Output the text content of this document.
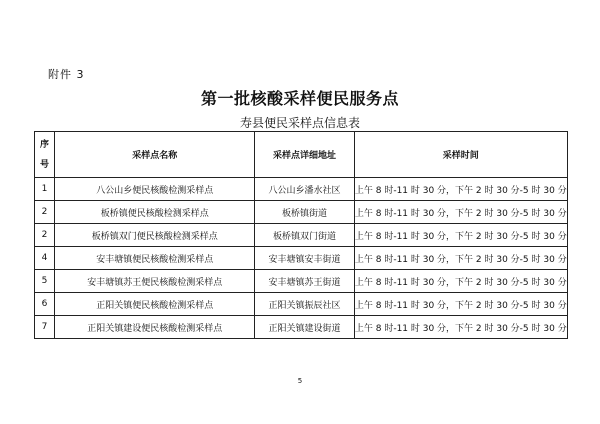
附件 3
第一批核酸采样便民服务点
寿县便民采样点信息表
序
号	采样点名称	采样点详细地址	采样时间
1	八公山乡便民核酸检测采样点	八公山乡潘水社区	上午 8 时-11 时 30 分，下午 2 时 30 分-5 时 30 分
2	板桥镇便民核酸检测采样点	板桥镇街道	上午 8 时-11 时 30 分，下午 2 时 30 分-5 时 30 分
2	板桥镇双门便民核酸检测采样点	板桥镇双门街道	上午 8 时-11 时 30 分，下午 2 时 30 分-5 时 30 分
4	安丰塘镇便民核酸检测采样点	安丰塘镇安丰街道	上午 8 时-11 时 30 分，下午 2 时 30 分-5 时 30 分
5	安丰塘镇苏王便民核酸检测采样点	安丰塘镇苏王街道	上午 8 时-11 时 30 分，下午 2 时 30 分-5 时 30 分
6	正阳关镇便民核酸检测采样点	正阳关镇振辰社区	上午 8 时-11 时 30 分，下午 2 时 30 分-5 时 30 分
7	正阳关镇建设便民核酸检测采样点	正阳关镇建设街道	上午 8 时-11 时 30 分，下午 2 时 30 分-5 时 30 分
5
